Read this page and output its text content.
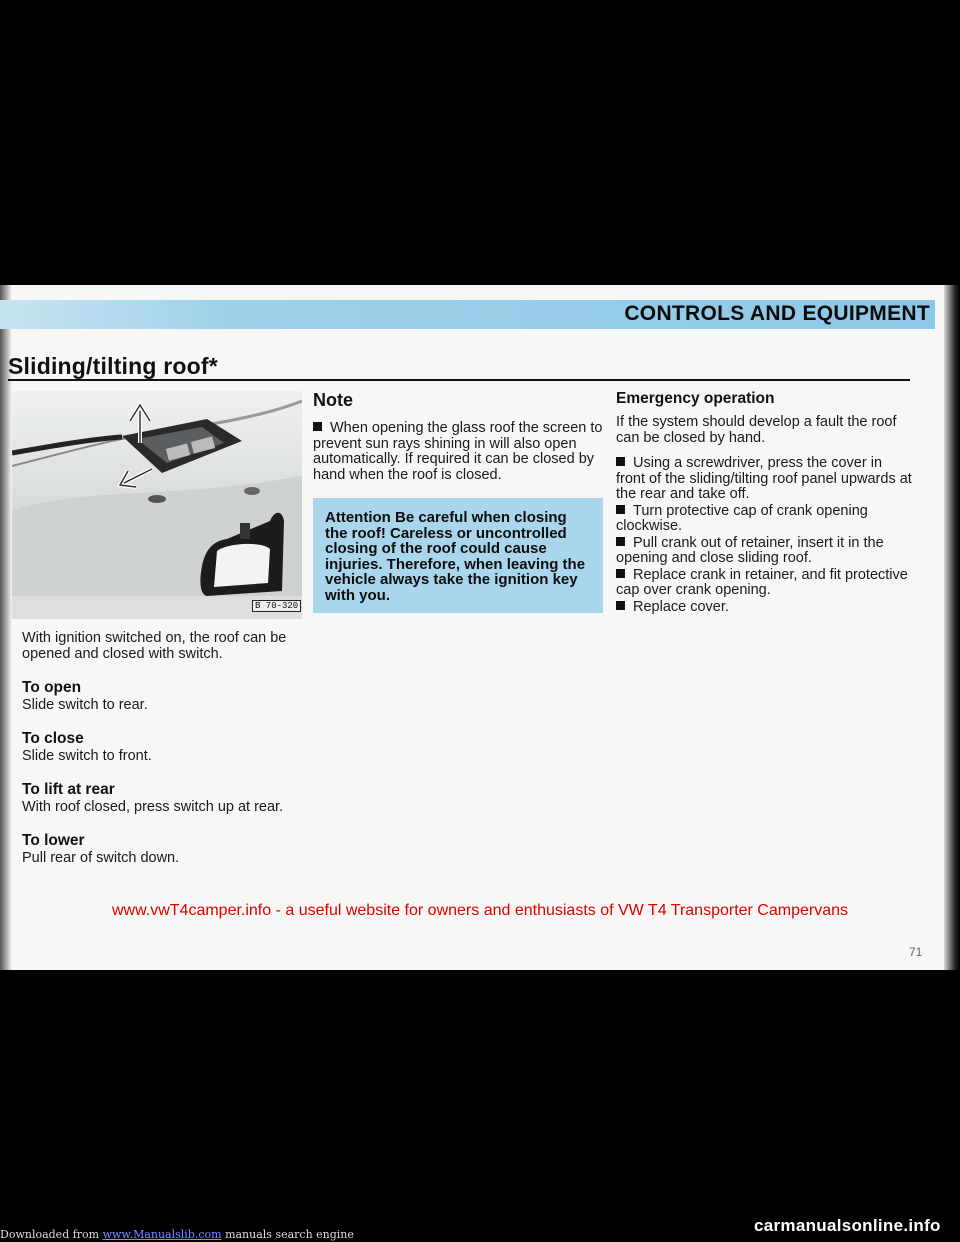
CONTROLS AND EQUIPMENT
Sliding/tilting roof*
B 70-320

With ignition switched on, the roof can be opened and closed with switch.

To open

Slide switch to rear.

To close

Slide switch to front.

To lift at rear

With roof closed, press switch up at rear.

To lower

Pull rear of switch down.

Note

When opening the glass roof the screen to prevent sun rays shining in will also open automatically. If required it can be closed by hand when the roof is closed.

Attention Be careful when closing the roof! Careless or uncontrolled closing of the roof could cause injuries. Therefore, when leaving the vehicle always take the ignition key with you.

Emergency operation

If the system should develop a fault the roof can be closed by hand.

Using a screwdriver, press the cover in front of the sliding/tilting roof panel upwards at the rear and take off.

Turn protective cap of crank opening clockwise.

Pull crank out of retainer, insert it in the opening and close sliding roof.

Replace crank in retainer, and fit protective cap over crank opening.

Replace cover.

www.vwT4camper.info - a useful website for owners and enthusiasts of VW T4 Transporter Campervans
71
Downloaded from www.Manualslib.com manuals search engine	carmanualsonline.info
